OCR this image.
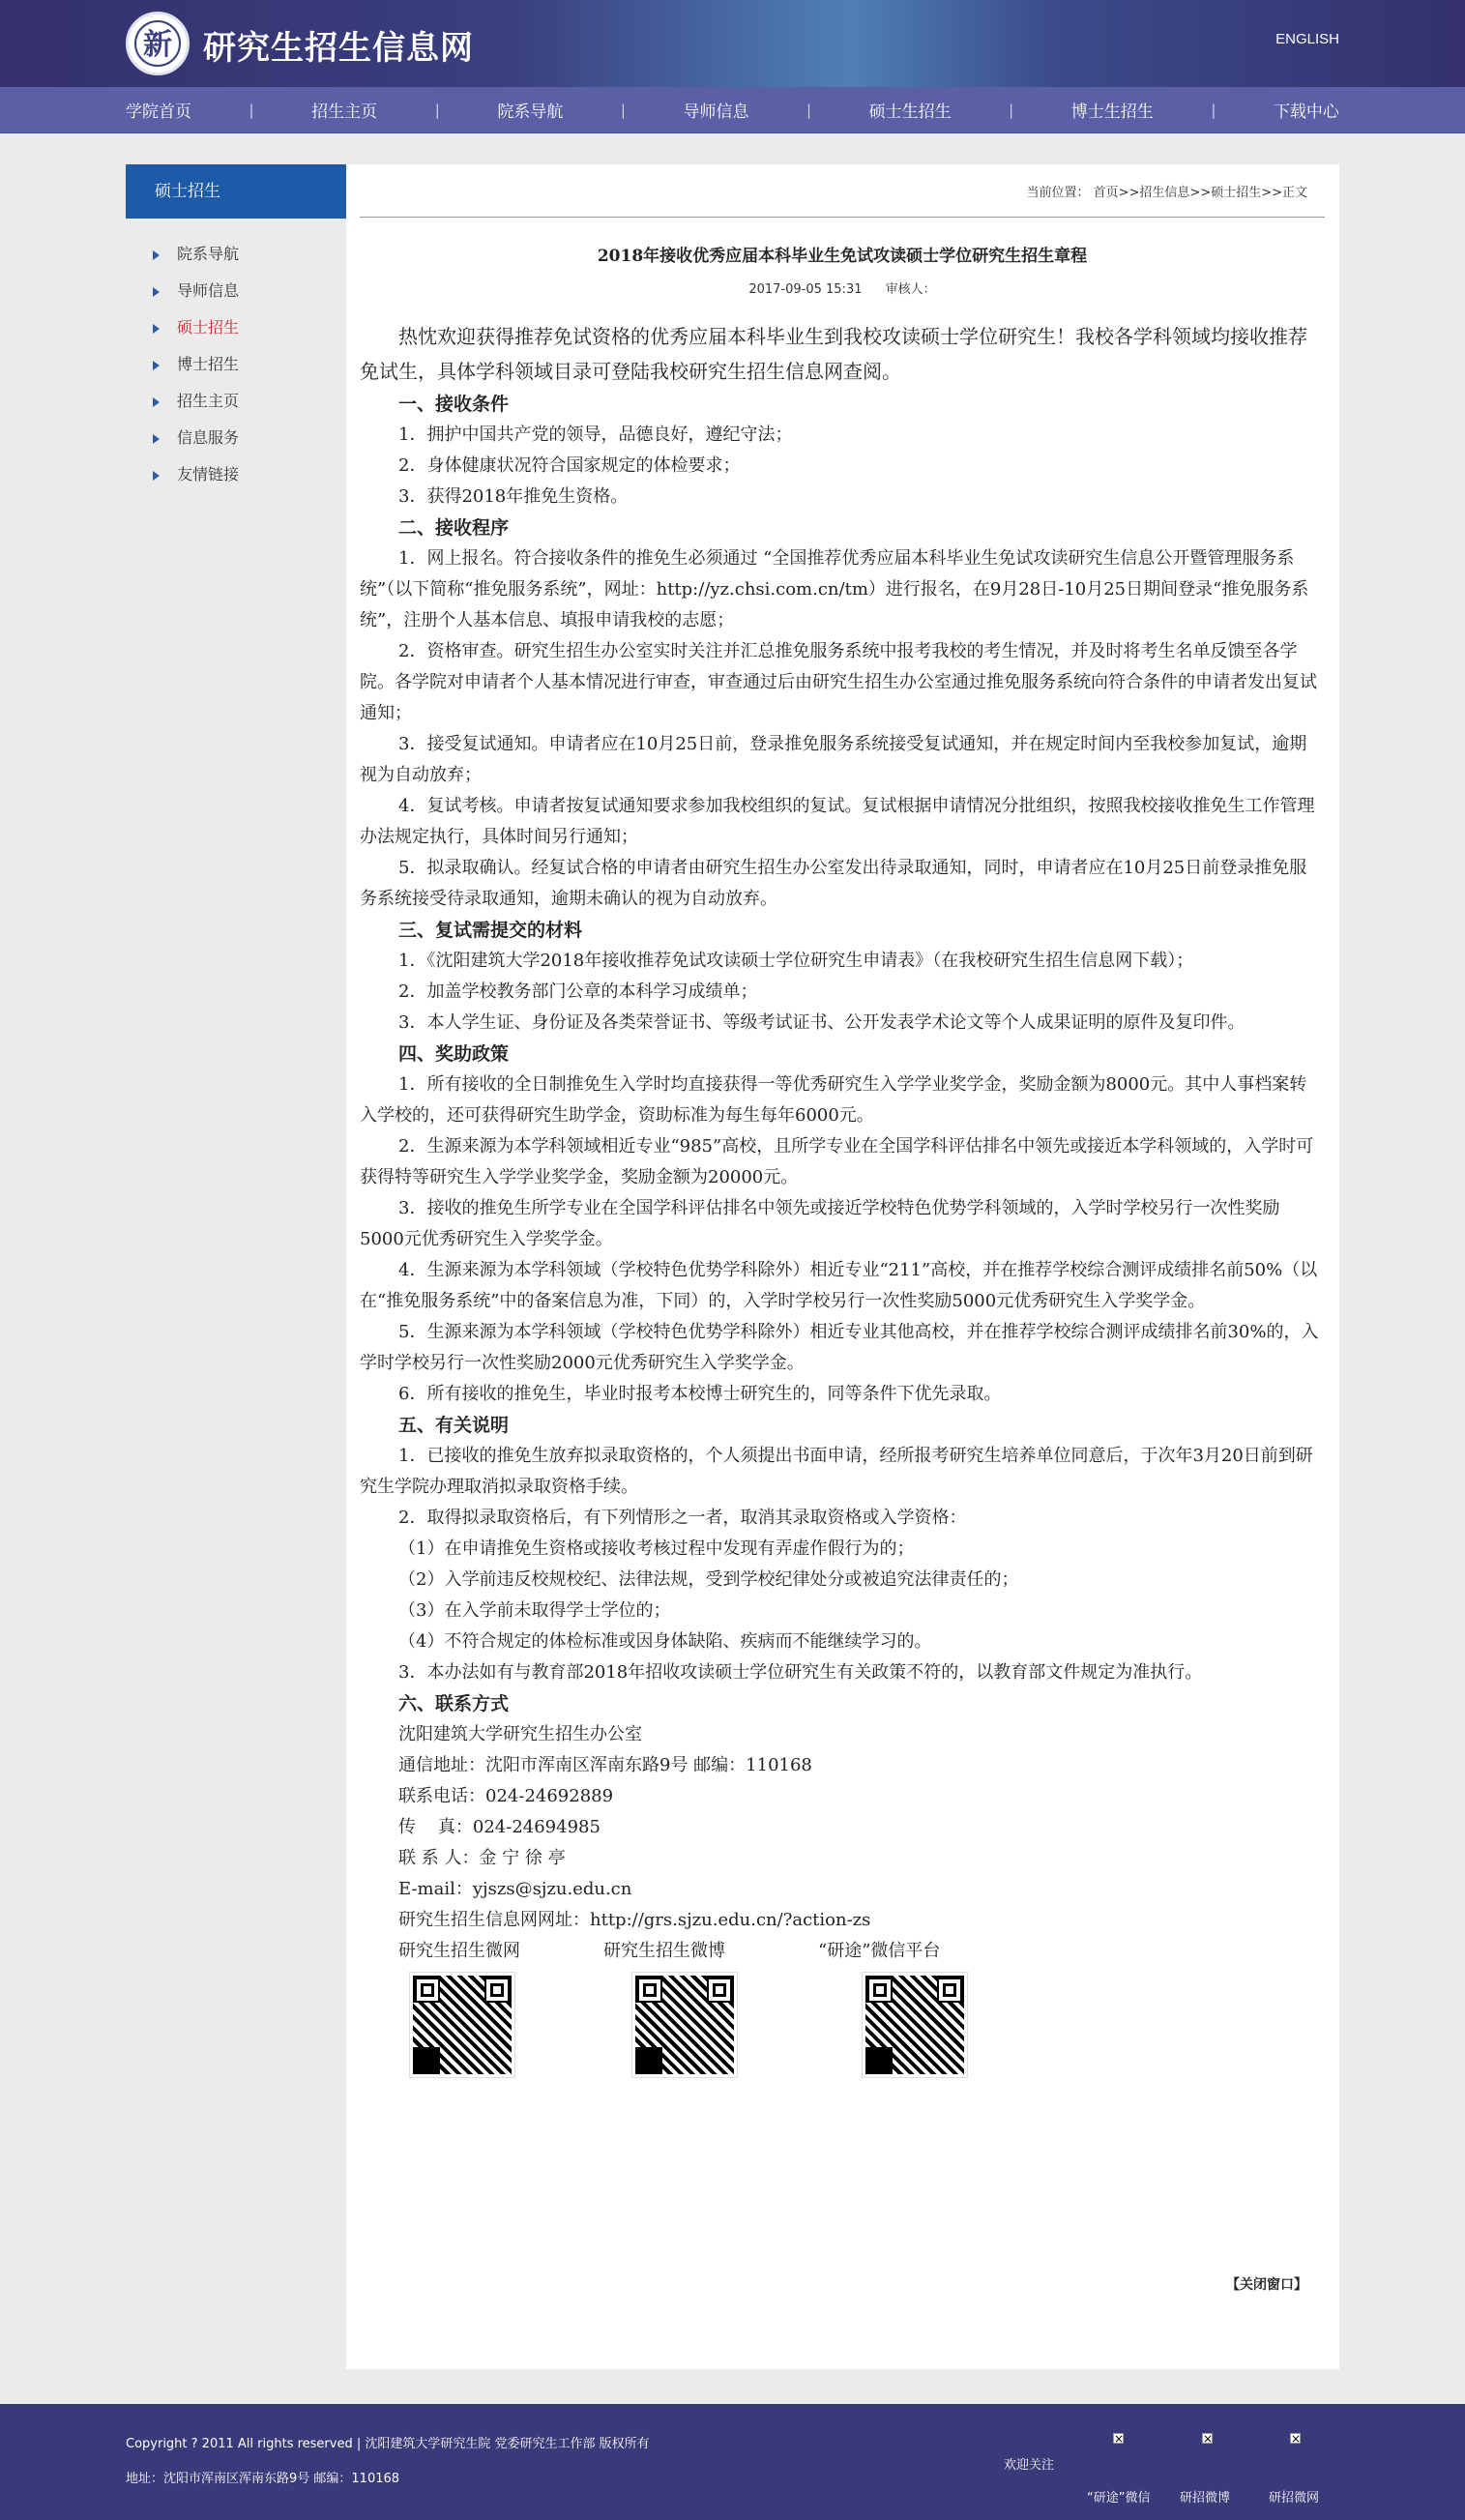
新 研究生招生信息网	ENGLISH
学院首页	|	招生主页	|	院系导航	|	导师信息	|	硕士生招生	|	博士生招生	|	下载中心
硕士招生
院系导航
导师信息
硕士招生
博士招生
招生主页
信息服务
友情链接
当前位置： 首页>>招生信息>>硕士招生>>正文
2018年接收优秀应届本科毕业生免试攻读硕士学位研究生招生章程
2017-09-05 15:31 审核人：

热忱欢迎获得推荐免试资格的优秀应届本科毕业生到我校攻读硕士学位研究生！我校各学科领域均接收推荐免试生，具体学科领域目录可登陆我校研究生招生信息网查阅。

一、接收条件

1．拥护中国共产党的领导，品德良好，遵纪守法；

2．身体健康状况符合国家规定的体检要求；

3．获得2018年推免生资格。

二、接收程序

1．网上报名。符合接收条件的推免生必须通过 “全国推荐优秀应届本科毕业生免试攻读研究生信息公开暨管理服务系统”（以下简称“推免服务系统”，网址：http://yz.chsi.com.cn/tm）进行报名，在9月28日-10月25日期间登录“推免服务系统”，注册个人基本信息、填报申请我校的志愿；

2．资格审查。研究生招生办公室实时关注并汇总推免服务系统中报考我校的考生情况，并及时将考生名单反馈至各学院。各学院对申请者个人基本情况进行审查，审查通过后由研究生招生办公室通过推免服务系统向符合条件的申请者发出复试通知；

3．接受复试通知。申请者应在10月25日前，登录推免服务系统接受复试通知，并在规定时间内至我校参加复试，逾期视为自动放弃；

4．复试考核。申请者按复试通知要求参加我校组织的复试。复试根据申请情况分批组织，按照我校接收推免生工作管理办法规定执行，具体时间另行通知；

5．拟录取确认。经复试合格的申请者由研究生招生办公室发出待录取通知，同时，申请者应在10月25日前登录推免服务系统接受待录取通知，逾期未确认的视为自动放弃。

三、复试需提交的材料

1．《沈阳建筑大学2018年接收推荐免试攻读硕士学位研究生申请表》（在我校研究生招生信息网下载）；

2．加盖学校教务部门公章的本科学习成绩单；

3．本人学生证、身份证及各类荣誉证书、等级考试证书、公开发表学术论文等个人成果证明的原件及复印件。

四、奖助政策

1．所有接收的全日制推免生入学时均直接获得一等优秀研究生入学学业奖学金，奖励金额为8000元。其中人事档案转入学校的，还可获得研究生助学金，资助标准为每生每年6000元。

2．生源来源为本学科领域相近专业“985”高校，且所学专业在全国学科评估排名中领先或接近本学科领域的，入学时可获得特等研究生入学学业奖学金，奖励金额为20000元。

3．接收的推免生所学专业在全国学科评估排名中领先或接近学校特色优势学科领域的，入学时学校另行一次性奖励5000元优秀研究生入学奖学金。

4．生源来源为本学科领域（学校特色优势学科除外）相近专业“211”高校，并在推荐学校综合测评成绩排名前50%（以在“推免服务系统”中的备案信息为准，下同）的，入学时学校另行一次性奖励5000元优秀研究生入学奖学金。

5．生源来源为本学科领域（学校特色优势学科除外）相近专业其他高校，并在推荐学校综合测评成绩排名前30%的，入学时学校另行一次性奖励2000元优秀研究生入学奖学金。

6．所有接收的推免生，毕业时报考本校博士研究生的，同等条件下优先录取。

五、有关说明

1．已接收的推免生放弃拟录取资格的，个人须提出书面申请，经所报考研究生培养单位同意后，于次年3月20日前到研究生学院办理取消拟录取资格手续。

2．取得拟录取资格后，有下列情形之一者，取消其录取资格或入学资格：

（1）在申请推免生资格或接收考核过程中发现有弄虚作假行为的；

（2）入学前违反校规校纪、法律法规，受到学校纪律处分或被追究法律责任的；

（3）在入学前未取得学士学位的；

（4）不符合规定的体检标准或因身体缺陷、疾病而不能继续学习的。

3．本办法如有与教育部2018年招收攻读硕士学位研究生有关政策不符的，以教育部文件规定为准执行。

六、联系方式

沈阳建筑大学研究生招生办公室

通信地址：沈阳市浑南区浑南东路9号 邮编：110168

联系电话：024-24692889

传    真：024-24694985

联 系 人：金 宁 徐 亭

E-mail：yjszs@sjzu.edu.cn

研究生招生信息网网址：http://grs.sjzu.edu.cn/?action-zs

研究生招生微网	研究生招生微博	“研途”微信平台
【关闭窗口】
Copyright ? 2011 All rights reserved | 沈阳建筑大学研究生院 党委研究生工作部 版权所有
地址：沈阳市浑南区浑南东路9号 邮编：110168
欢迎关注
×
×
×
“研途”微信 研招微博	研招微网
